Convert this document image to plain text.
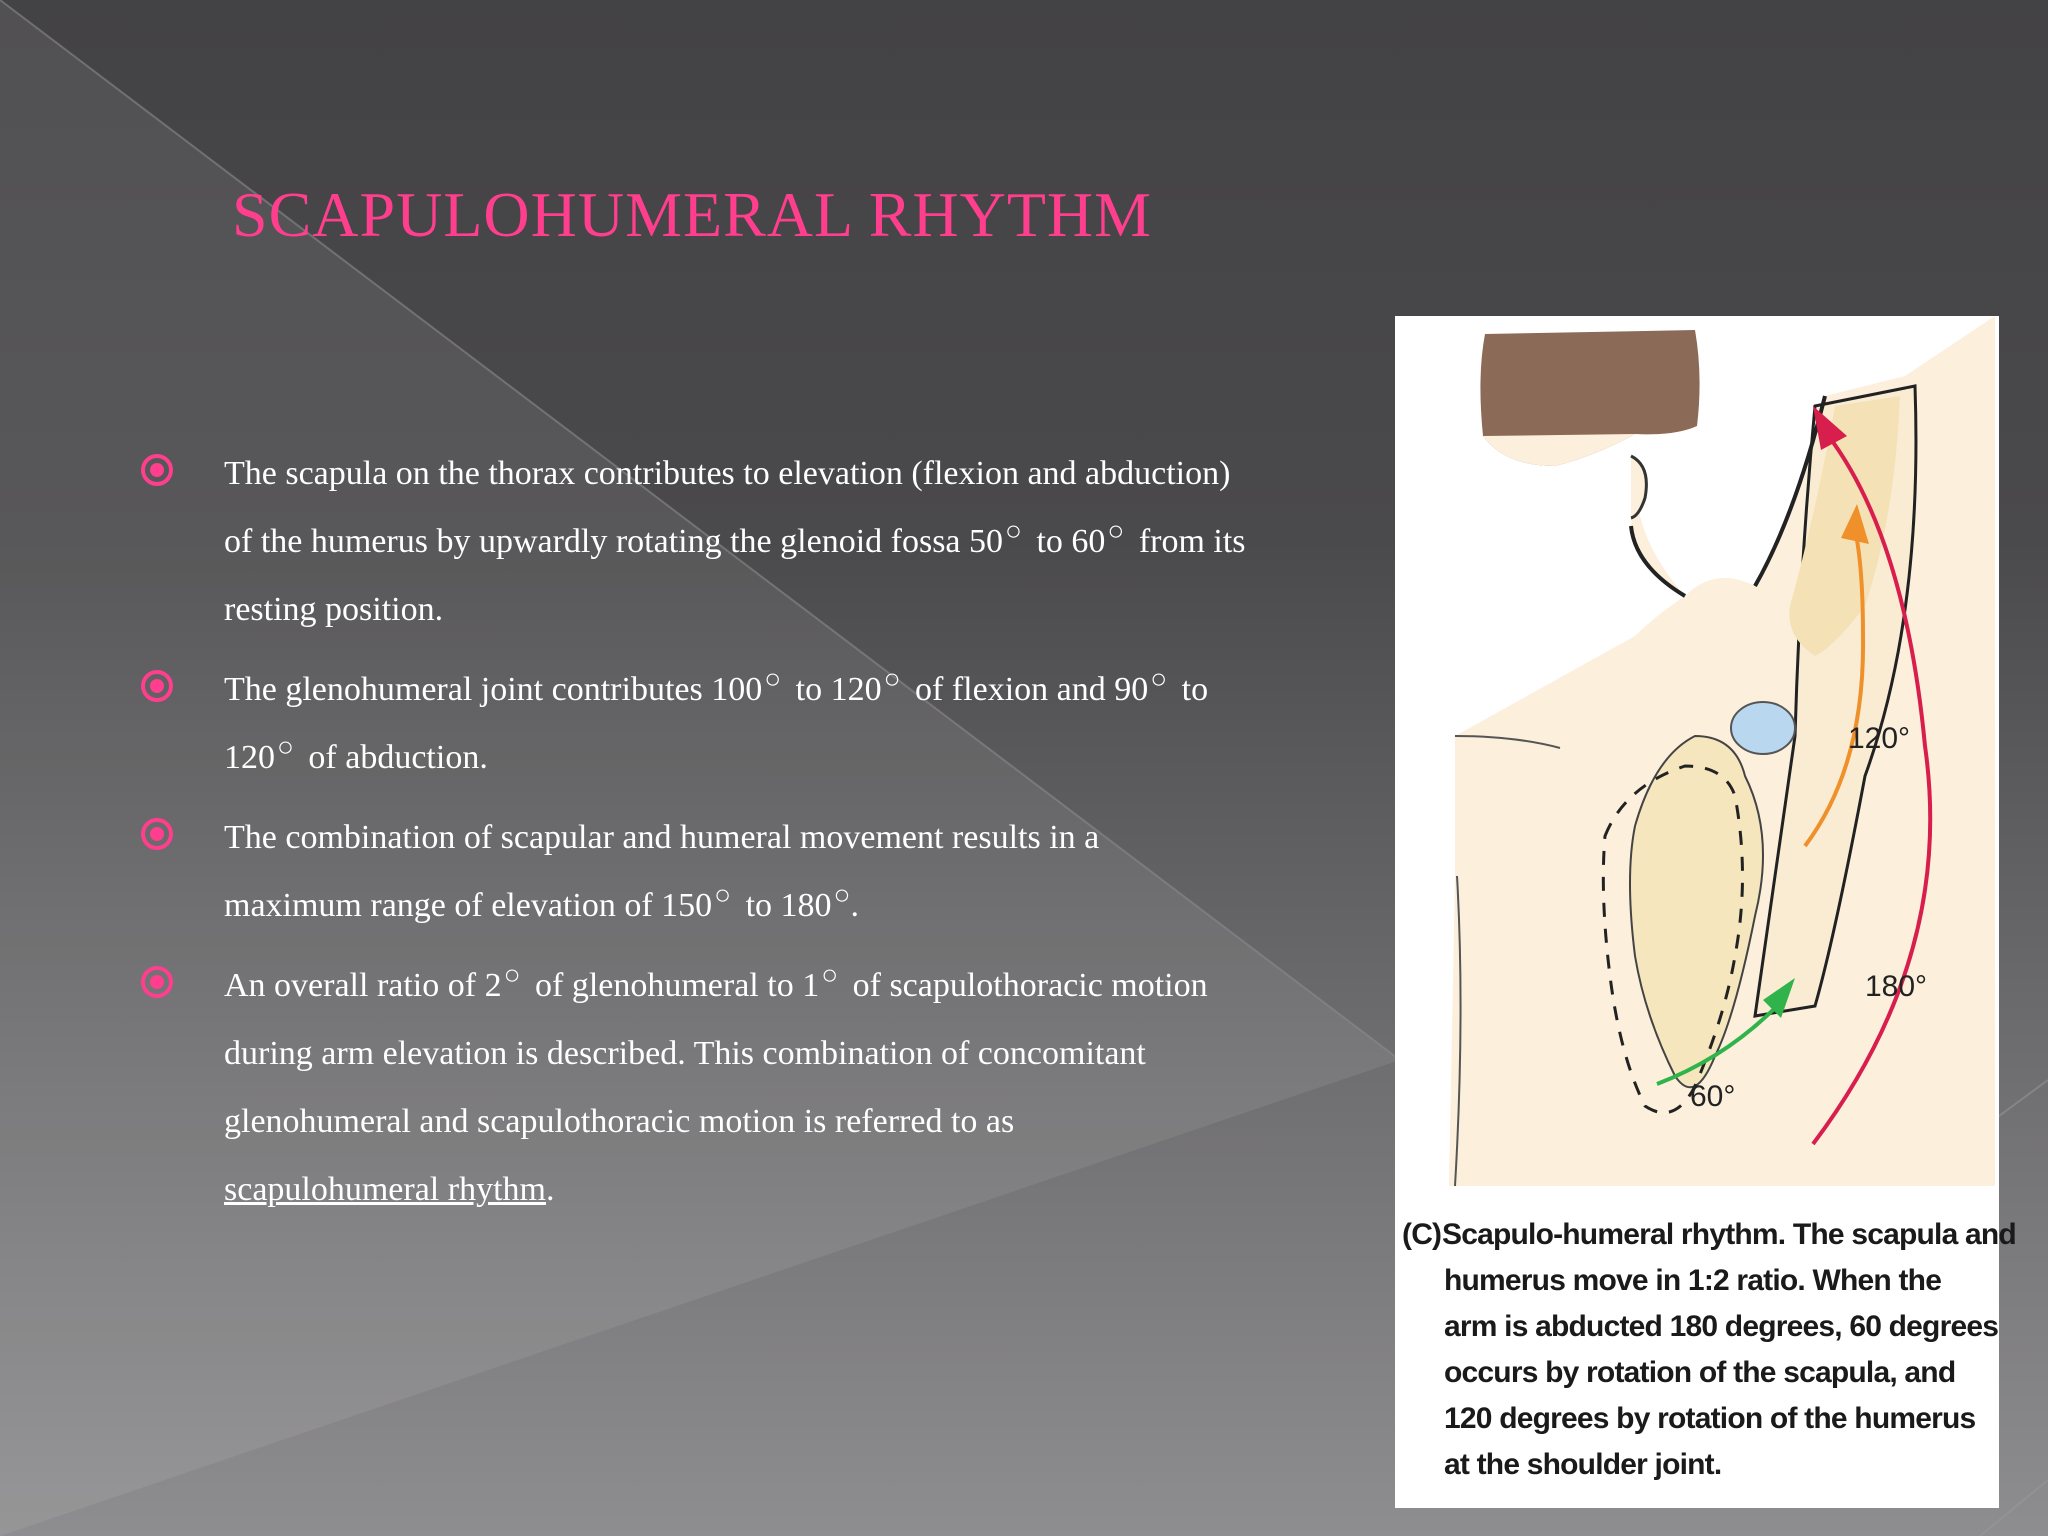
SCAPULOHUMERAL RHYTHM
The scapula on the thorax contributes to elevation (flexion and abduction)
of the humerus by upwardly rotating the glenoid fossa 50○ to 60○ from its
resting position.
The glenohumeral joint contributes 100○ to 120○ of flexion and 90○ to
120○ of abduction.
The combination of scapular and humeral movement results in a
maximum range of elevation of 150○ to 180○.
An overall ratio of 2○ of glenohumeral to 1○ of scapulothoracic motion
during arm elevation is described. This combination of concomitant
glenohumeral and scapulothoracic motion is referred to as
scapulohumeral rhythm.
120°
180°
60°

(C)Scapulo-humeral rhythm. The scapula and
humerus move in 1:2 ratio. When the
arm is abducted 180 degrees, 60 degrees
occurs by rotation of the scapula, and
120 degrees by rotation of the humerus
at the shoulder joint.
